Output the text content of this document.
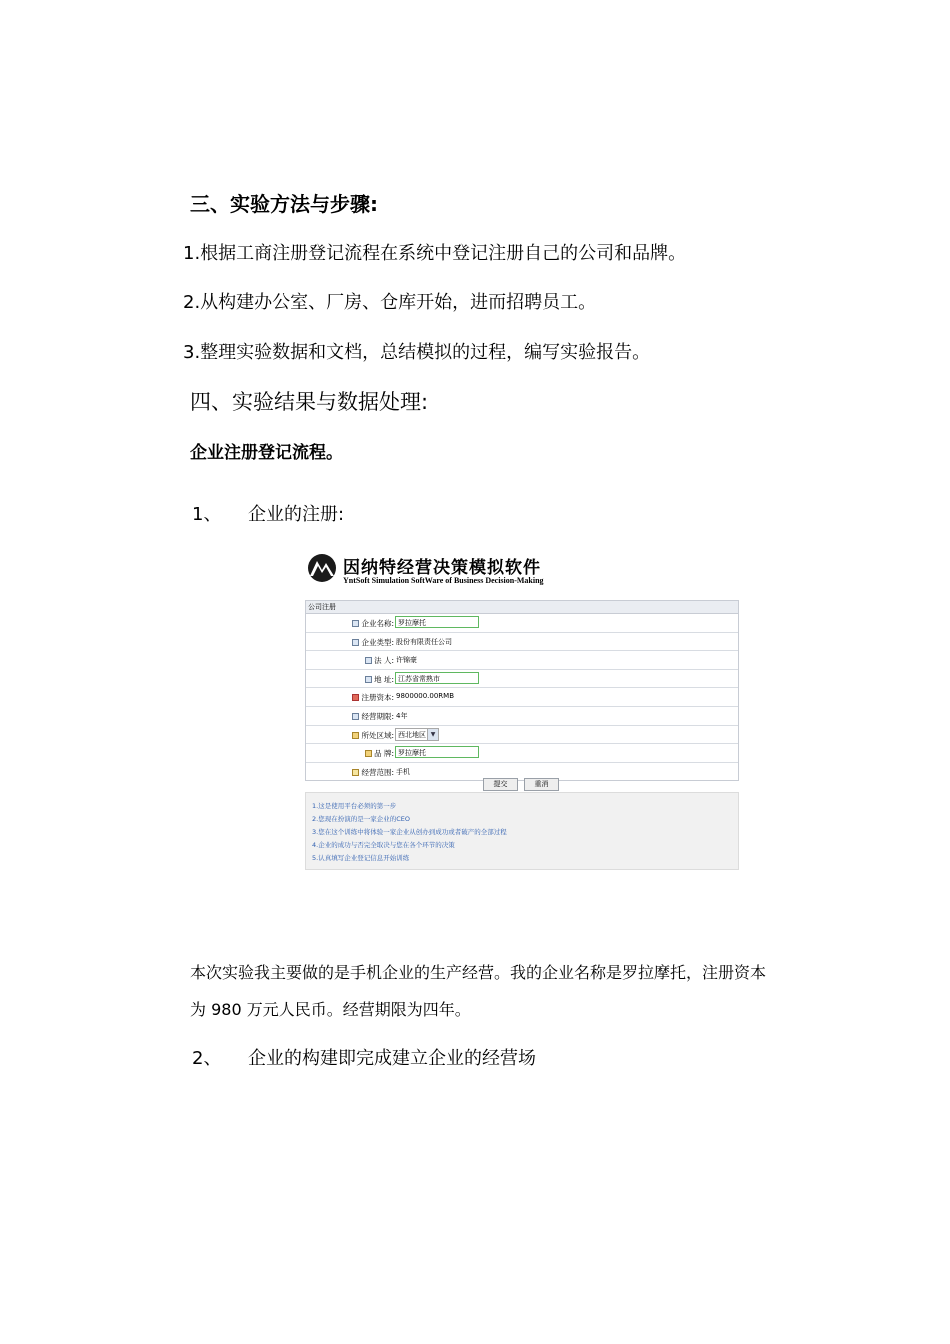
三、实验方法与步骤:
1.根据工商注册登记流程在系统中登记注册自己的公司和品牌。
2.从构建办公室、厂房、仓库开始，进而招聘员工。
3.整理实验数据和文档，总结模拟的过程，编写实验报告。
四、实验结果与数据处理:
企业注册登记流程。
1、 企业的注册:
因纳特经营决策模拟软件
YntSoft Simulation SoftWare of Business Decision-Making
公司注册
企业名称: 罗拉摩托
企业类型: 股份有限责任公司
法 人: 许锦豪
地 址: 江苏省常熟市
注册资本: 9800000.00RMB
经营期限: 4年
所处区域: 西北地区 ▼
品 牌: 罗拉摩托
经营范围: 手机
提交	重消
1.这是使用平台必须的第一步
2.您现在扮演的是一家企业的CEO
3.您在这个训练中将体验一家企业从创办到成功或者破产的全部过程
4.企业的成功与否完全取决与您在各个环节的决策
5.认真填写企业登记信息开始训练
本次实验我主要做的是手机企业的生产经营。我的企业名称是罗拉摩托，注册资本
为 980 万元人民币。经营期限为四年。
2、 企业的构建即完成建立企业的经营场
